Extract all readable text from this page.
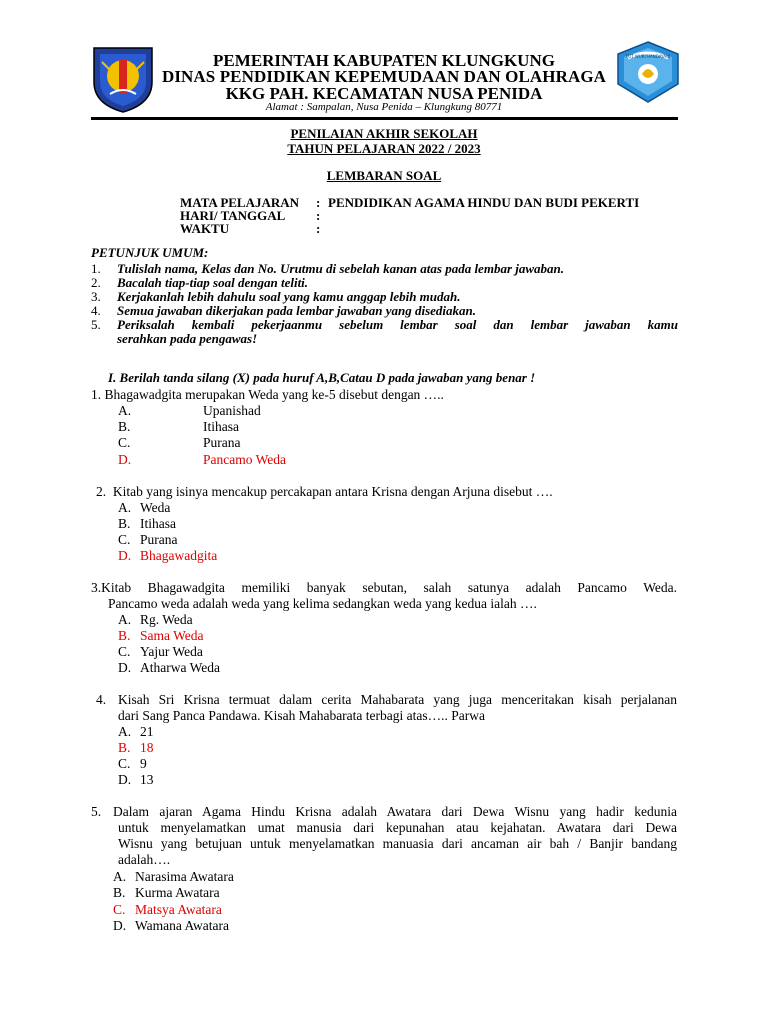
TUT WURI HANDAYANI
PEMERINTAH KABUPATEN KLUNGKUNG
DINAS PENDIDIKAN KEPEMUDAAN DAN OLAHRAGA
KKG PAH. KECAMATAN NUSA PENIDA
Alamat : Sampalan, Nusa Penida – Klungkung 80771
PENILAIAN AKHIR SEKOLAH
TAHUN PELAJARAN 2022 / 2023
LEMBARAN SOAL
MATA PELAJARAN : PENDIDIKAN AGAMA HINDU DAN BUDI PEKERTI
HARI/ TANGGAL :
WAKTU	:
PETUNJUK UMUM:
1. Tulislah nama, Kelas dan No. Urutmu di sebelah kanan atas pada lembar jawaban.
2. Bacalah tiap-tiap soal dengan teliti.
3. Kerjakanlah lebih dahulu soal yang kamu anggap lebih mudah.
4. Semua jawaban dikerjakan pada lembar jawaban yang disediakan.
5. Periksalah kembali pekerjaanmu sebelum lembar soal dan lembar jawaban kamu
serahkan pada pengawas!
I. Berilah tanda silang (X) pada huruf A,B,Catau D pada jawaban yang benar !
1. Bhagawadgita merupakan Weda yang ke-5 disebut dengan …..
A.	Upanishad
B.	Itihasa
C.	Purana
D.	Pancamo Weda
2. Kitab yang isinya mencakup percakapan antara Krisna dengan Arjuna disebut ….
A. Weda
B. Itihasa
C. Purana
D. Bhagawadgita
3.Kitab Bhagawadgita memiliki banyak sebutan, salah satunya adalah Pancamo Weda.
Pancamo weda adalah weda yang kelima sedangkan weda yang kedua ialah ….
A. Rg. Weda
B. Sama Weda
C. Yajur Weda
D. Atharwa Weda
4. Kisah Sri Krisna termuat dalam cerita Mahabarata yang juga menceritakan kisah perjalanan
dari Sang Panca Pandawa. Kisah Mahabarata terbagi atas….. Parwa
A. 21
B. 18
C. 9
D. 13
5. Dalam ajaran Agama Hindu Krisna adalah Awatara dari Dewa Wisnu yang hadir kedunia
untuk menyelamatkan umat manusia dari kepunahan atau kejahatan. Awatara dari Dewa
Wisnu yang betujuan untuk menyelamatkan manuasia dari ancaman air bah / Banjir bandang
adalah….
A. Narasima Awatara
B. Kurma Awatara
C. Matsya Awatara
D. Wamana Awatara
